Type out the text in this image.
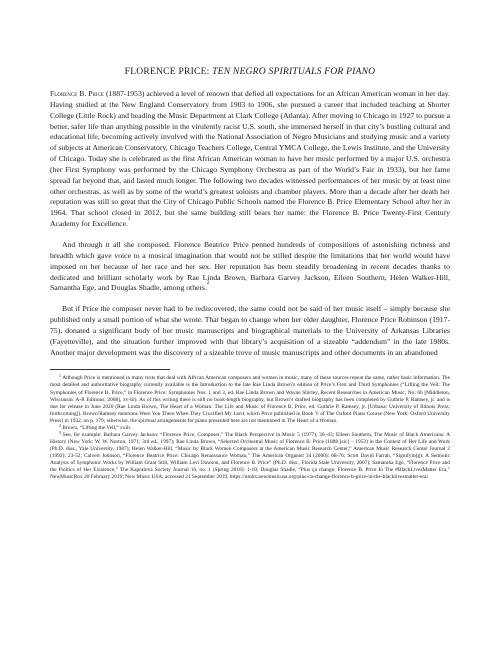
FLORENCE PRICE: TEN NEGRO SPIRITUALS FOR PIANO

Florence B. Price (1887-1953) achieved a level of renown that defied all expectations for an African American woman in her day. Having studied at the New England Conservatory from 1903 to 1906, she pursued a career that included teaching at Shorter College (Little Rock) and heading the Music Department at Clark College (Atlanta). After moving to Chicago in 1927 to pursue a better, safer life than anything possible in the virulently racist U.S. south, she immersed herself in that city’s bustling cultural and educational life, becoming actively involved with the National Association of Negro Musicians and studying music and a variety of subjects at American Conservatory, Chicago Teachers College, Central YMCA College, the Lewis Institute, and the University of Chicago. Today she is celebrated as the first African American woman to have her music performed by a major U.S. orchestra (her First Symphony was performed by the Chicago Symphony Orchestra as part of the World’s Fair in 1933), but her fame spread far beyond that, and lasted much longer. The following two decades witnessed performances of her music by at least nine other orchestras, as well as by some of the world’s greatest soloists and chamber players. More than a decade after her death her reputation was still so great that the City of Chicago Public Schools named the Florence B. Price Elementary School after her in 1964. That school closed in 2012, but the same building still bears her name: the Florence B. Price Twenty-First Century Academy for Excellence.$^1$

And through it all she composed. Florence Beatrice Price penned hundreds of compositions of astonishing richness and breadth which gave voice to a musical imagination that would not be stilled despite the limitations that her world would have imposed on her because of her race and her sex. Her reputation has been steadily broadening in recent decades thanks to dedicated and brilliant scholarly work by Rae Linda Brown, Barbara Garvey Jackson, Eileen Southern, Helen Walker-Hill, Samantha Ege, and Douglas Shadle, among others.$^2$

But if Price the composer never had to be rediscovered, the same could not be said of her music itself – simply because she published only a small portion of what she wrote. That began to change when her elder daughter, Florence Price Robinson (1917-75), donated a significant body of her music manuscripts and biographical materials to the University of Arkansas Libraries (Fayetteville), and the situation further improved with that library’s acquisition of a sizeable “addendum” in the late 1980s. Another major development was the discovery of a sizeable trove of music manuscripts and other documents in an abandoned

$^1$ Although Price is mentioned in many texts that deal with African American composers and women in music, many of these sources repeat the same, rather basic information. The most detailed and authoritative biography currently available is the Introduction to the late Rae Linda Brown’s edition of Price’s First and Third Symphonies (“Lifting the Veil: The Symphonies of Florence B. Price,” in Florence Price: Symphonies Nos. 1 and 3, ed. Rae Linda Brown and Wayne Shirley, Recent Researches in American Music, No. 66 [Middleton, Wisconsin: A-R Editions, 2008], xv-lii). As of this writing there is still no book-length biography, but Brown’s drafted biography has been completed by Guthrie P. Ramsey, jr. and is due for release in June 2020 (Rae Linda Brown, The Heart of a Woman: The Life and Music of Florence B. Price, ed. Guthrie P. Ramsey, jr. [Urbana: University of Illinois Press, forthcoming]). Brown/Ramsey mentions Were You There When They Crucified My Lord, which Price published in Book V of The Oxford Piano Course (New York: Oxford University Press) in 1932, on p. 179; otherwise, the spiritual arrangements for piano presented here are not mentioned in The Heart of a Woman.

$^2$ Brown, “Lifting the Veil,” xxiii.

$^3$ See, for example: Barbara Garvey Jackson: “Florence Price, Composer,” The Black Perspective in Music 5 (1977), 30–43; Eileen Southern, The Music of Black Americans: A History (New York: W. W. Norton, 1971; 3rd ed., 1997); Rae Linda Brown, “Selected Orchestral Music of Florence B. Price (1888 [sic] – 1953) in the Context of Her Life and Work (Ph.D. diss., Yale University, 1987); Helen Walker-Hill, “Music by Black Women Composers at the American Music Research Center,” American Music Research Center Journal 2 (1992): 23-52; Calvert Johnson, “Florence Beatrice Price: Chicago Renaissance Woman,” The American Organist 34 (2000): 68-76; Scott David Farrah, “Signifyin(g): A Semiotic Analysis of Symphonic Works by William Grant Still, William Levi Dawson, and Florence B. Price” (Ph.D. diss., Florida State University, 2007); Samantha Ege, “Florence Price and the Politics of Her Existence,” The Kapralova Society Journal 16, no. 1 (Spring 2018): 1-10; Douglas Shadle, “Plus ça change: Florence B. Price In The #BlackLivesMatter Era,” NewMusicBox 20 February 2019; New Music USA, accessed 21 September 2019, https://nmbx.newmusicusa.org/plus-ca-change-florence-b-price-in-the-blacklivesmatter-era/.
